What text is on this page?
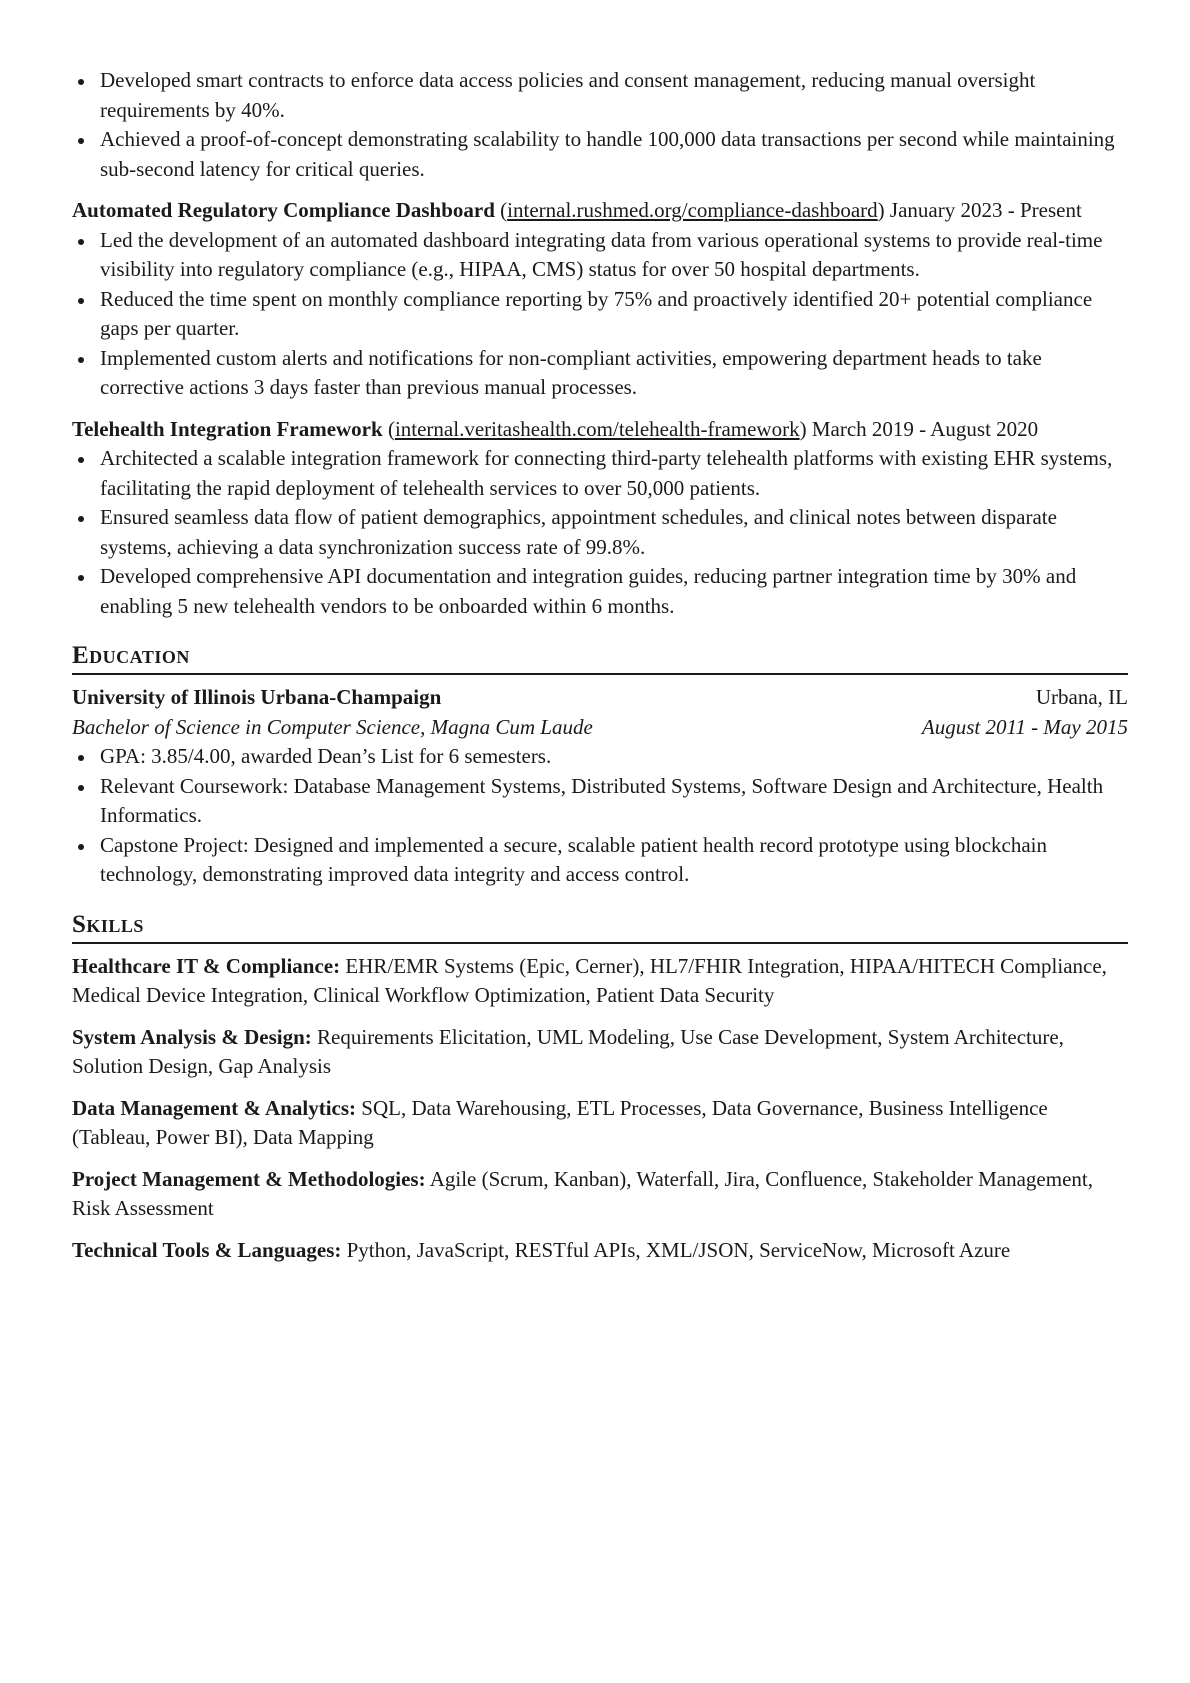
Developed smart contracts to enforce data access policies and consent management, reducing manual oversight requirements by 40%.
Achieved a proof-of-concept demonstrating scalability to handle 100,000 data transactions per second while maintaining sub-second latency for critical queries.
Automated Regulatory Compliance Dashboard (internal.rushmed.org/compliance-dashboard) January 2023 - Present
Led the development of an automated dashboard integrating data from various operational systems to provide real-time visibility into regulatory compliance (e.g., HIPAA, CMS) status for over 50 hospital departments.
Reduced the time spent on monthly compliance reporting by 75% and proactively identified 20+ potential compliance gaps per quarter.
Implemented custom alerts and notifications for non-compliant activities, empowering department heads to take corrective actions 3 days faster than previous manual processes.
Telehealth Integration Framework (internal.veritashealth.com/telehealth-framework) March 2019 - August 2020
Architected a scalable integration framework for connecting third-party telehealth platforms with existing EHR systems, facilitating the rapid deployment of telehealth services to over 50,000 patients.
Ensured seamless data flow of patient demographics, appointment schedules, and clinical notes between disparate systems, achieving a data synchronization success rate of 99.8%.
Developed comprehensive API documentation and integration guides, reducing partner integration time by 30% and enabling 5 new telehealth vendors to be onboarded within 6 months.
Education
University of Illinois Urbana-Champaign	Urbana, IL
Bachelor of Science in Computer Science, Magna Cum Laude	August 2011 - May 2015
GPA: 3.85/4.00, awarded Dean’s List for 6 semesters.
Relevant Coursework: Database Management Systems, Distributed Systems, Software Design and Architecture, Health Informatics.
Capstone Project: Designed and implemented a secure, scalable patient health record prototype using blockchain technology, demonstrating improved data integrity and access control.
Skills
Healthcare IT & Compliance: EHR/EMR Systems (Epic, Cerner), HL7/FHIR Integration, HIPAA/HITECH Compliance, Medical Device Integration, Clinical Workflow Optimization, Patient Data Security
System Analysis & Design: Requirements Elicitation, UML Modeling, Use Case Development, System Architecture, Solution Design, Gap Analysis
Data Management & Analytics: SQL, Data Warehousing, ETL Processes, Data Governance, Business Intelligence (Tableau, Power BI), Data Mapping
Project Management & Methodologies: Agile (Scrum, Kanban), Waterfall, Jira, Confluence, Stakeholder Management, Risk Assessment
Technical Tools & Languages: Python, JavaScript, RESTful APIs, XML/JSON, ServiceNow, Microsoft Azure
